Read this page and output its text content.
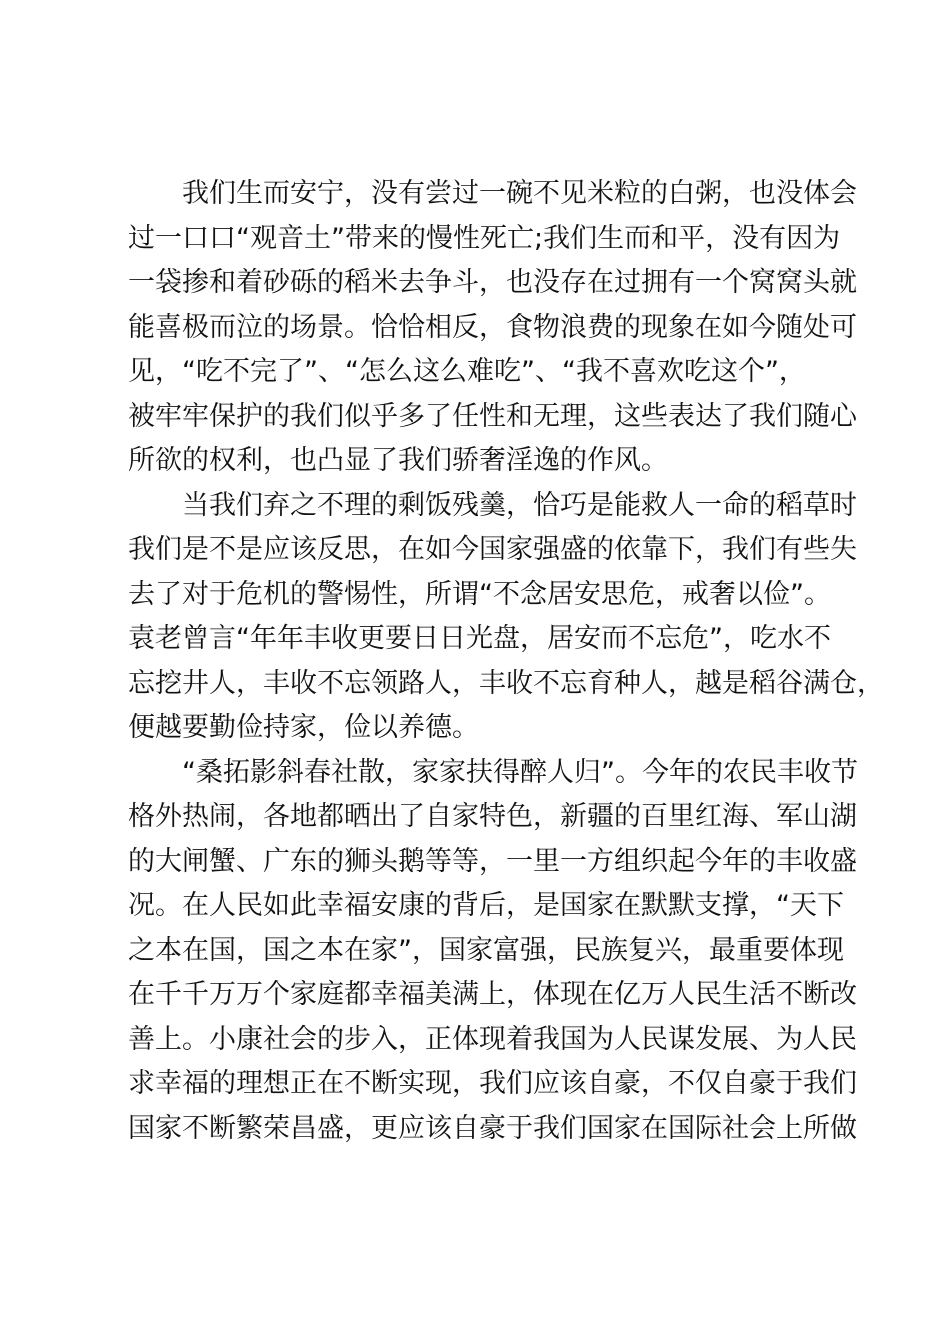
我们生而安宁，没有尝过一碗不见米粒的白粥，也没体会
过一口口“观音土”带来的慢性死亡;我们生而和平，没有因为
一袋掺和着砂砾的稻米去争斗，也没存在过拥有一个窝窝头就
能喜极而泣的场景。恰恰相反，食物浪费的现象在如今随处可
见，“吃不完了”、“怎么这么难吃”、“我不喜欢吃这个”，
被牢牢保护的我们似乎多了任性和无理，这些表达了我们随心
所欲的权利，也凸显了我们骄奢淫逸的作风。
当我们弃之不理的剩饭残羹，恰巧是能救人一命的稻草时
我们是不是应该反思，在如今国家强盛的依靠下，我们有些失
去了对于危机的警惕性，所谓“不念居安思危，戒奢以俭”。
袁老曾言“年年丰收更要日日光盘，居安而不忘危”，吃水不
忘挖井人，丰收不忘领路人，丰收不忘育种人，越是稻谷满仓，
便越要勤俭持家，俭以养德。
“桑拓影斜春社散，家家扶得醉人归”。今年的农民丰收节
格外热闹，各地都晒出了自家特色，新疆的百里红海、军山湖
的大闸蟹、广东的狮头鹅等等，一里一方组织起今年的丰收盛
况。在人民如此幸福安康的背后，是国家在默默支撑，“天下
之本在国，国之本在家”，国家富强，民族复兴，最重要体现
在千千万万个家庭都幸福美满上，体现在亿万人民生活不断改
善上。小康社会的步入，正体现着我国为人民谋发展、为人民
求幸福的理想正在不断实现，我们应该自豪，不仅自豪于我们
国家不断繁荣昌盛，更应该自豪于我们国家在国际社会上所做
